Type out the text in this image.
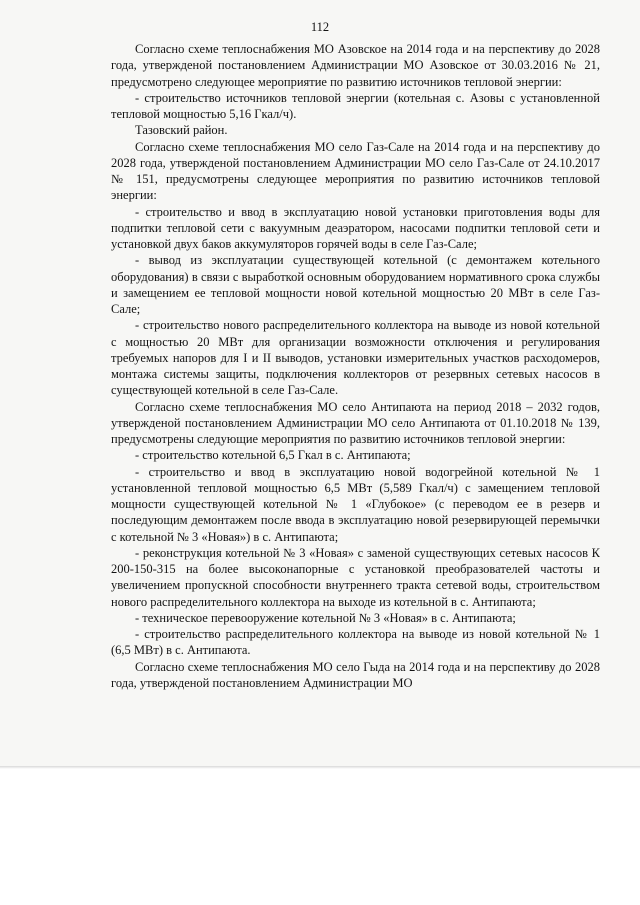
112

Согласно схеме теплоснабжения МО Азовское на 2014 года и на перспективу до 2028 года, утвержденой постановлением Администрации МО Азовское от 30.03.2016 № 21, предусмотрено следующее мероприятие по развитию источников тепловой энергии:

- строительство источников тепловой энергии (котельная с. Азовы с установленной тепловой мощностью 5,16 Гкал/ч).

Тазовский район.

Согласно схеме теплоснабжения МО село Газ-Сале на 2014 года и на перспективу до 2028 года, утвержденой постановлением Администрации МО село Газ-Сале от 24.10.2017 № 151, предусмотрены следующее мероприятия по развитию источников тепловой энергии:

- строительство и ввод в эксплуатацию новой установки приготовления воды для подпитки тепловой сети с вакуумным деаэратором, насосами подпитки тепловой сети и установкой двух баков аккумуляторов горячей воды в селе Газ-Сале;

- вывод из эксплуатации существующей котельной (с демонтажем котельного оборудования) в связи с выработкой основным оборудованием нормативного срока службы и замещением ее тепловой мощности новой котельной мощностью 20 МВт в селе Газ-Сале;

- строительство нового распределительного коллектора на выводе из новой котельной с мощностью 20 МВт для организации возможности отключения и регулирования требуемых напоров для I и II выводов, установки измерительных участков расходомеров, монтажа системы защиты, подключения коллекторов от резервных сетевых насосов в существующей котельной в селе Газ-Сале.

Согласно схеме теплоснабжения МО село Антипаюта на период 2018 – 2032 годов, утвержденой постановлением Администрации МО село Антипаюта от 01.10.2018 № 139, предусмотрены следующие мероприятия по развитию источников тепловой энергии:

- строительство котельной 6,5 Гкал в с. Антипаюта;

- строительство и ввод в эксплуатацию новой водогрейной котельной № 1 установленной тепловой мощностью 6,5 МВт (5,589 Гкал/ч) с замещением тепловой мощности существующей котельной № 1 «Глубокое» (с переводом ее в резерв и последующим демонтажем после ввода в эксплуатацию новой резервирующей перемычки с котельной № 3 «Новая») в с. Антипаюта;

- реконструкция котельной № 3 «Новая» с заменой существующих сетевых насосов К 200-150-315 на более высоконапорные с установкой преобразователей частоты и увеличением пропускной способности внутреннего тракта сетевой воды, строительством нового распределительного коллектора на выходе из котельной в с. Антипаюта;

- техническое перевооружение котельной № 3 «Новая» в с. Антипаюта;

- строительство распределительного коллектора на выводе из новой котельной № 1 (6,5 МВт) в с. Антипаюта.

Согласно схеме теплоснабжения МО село Гыда на 2014 года и на перспективу до 2028 года, утвержденой постановлением Администрации МО
